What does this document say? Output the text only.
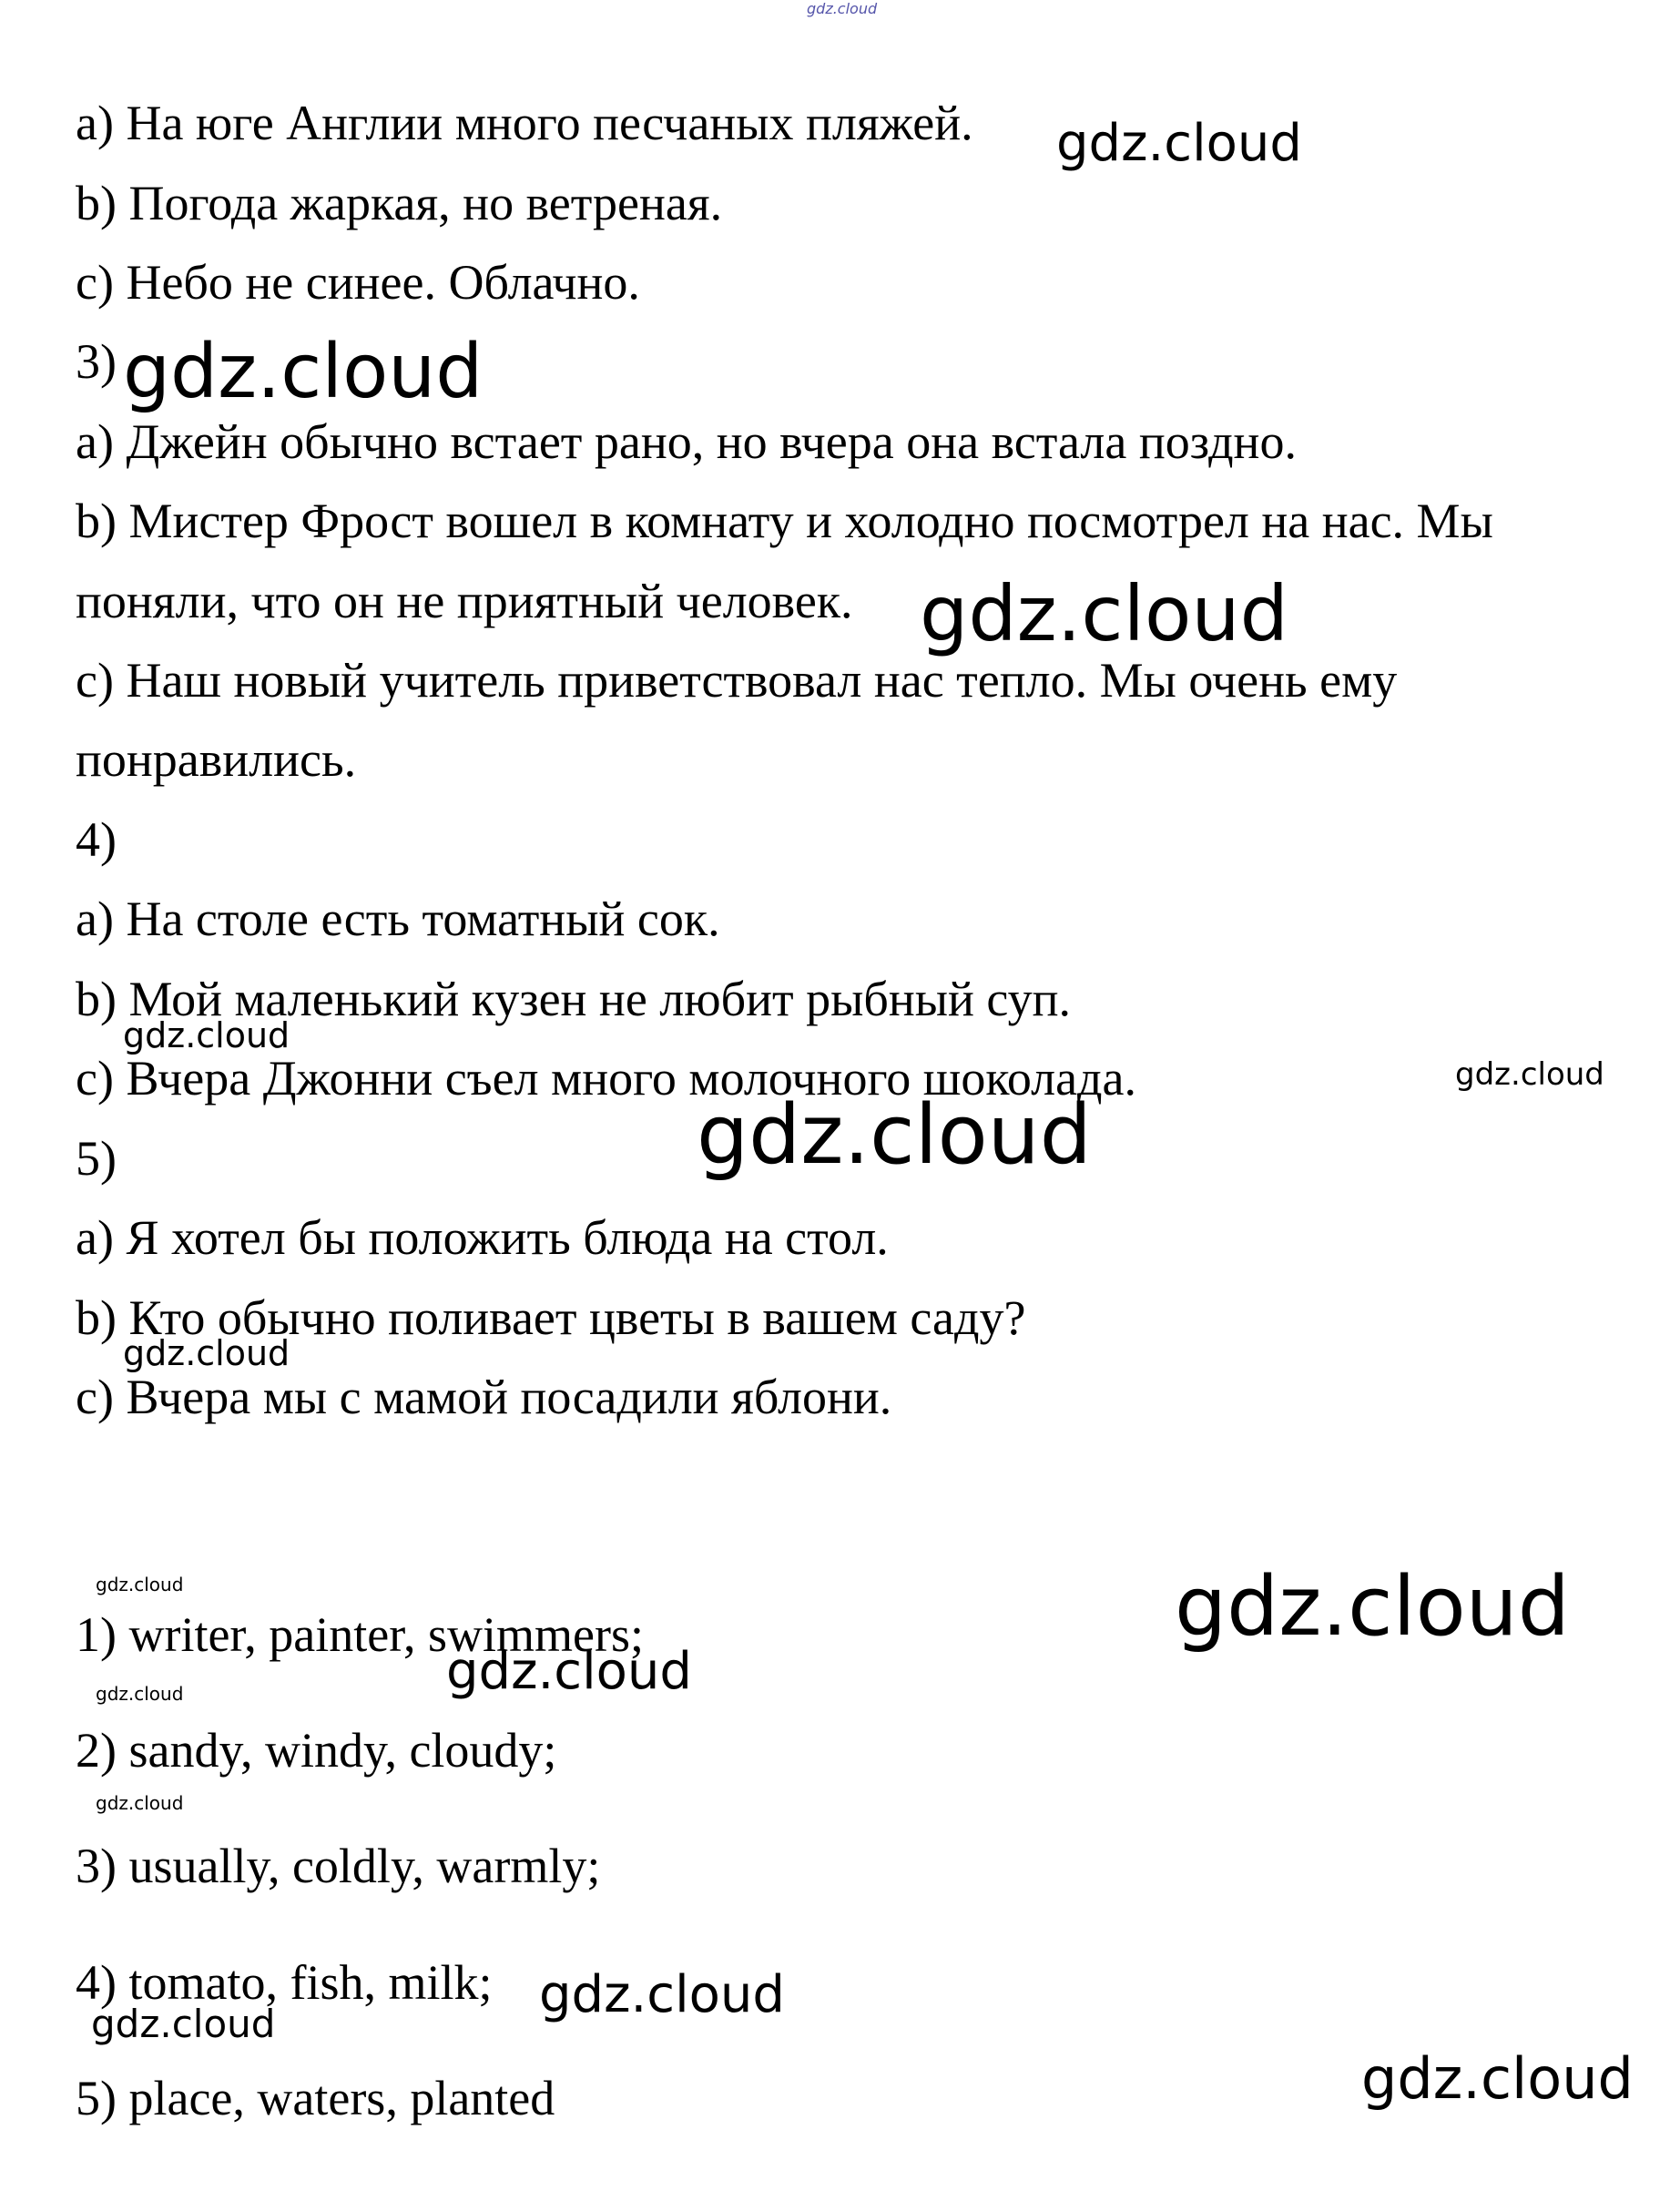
gdz.cloud
a) На юге Англии много песчаных пляжей.
b) Погода жаркая, но ветреная.
c) Небо не синее. Облачно.
3)
a) Джейн обычно встает рано, но вчера она встала поздно.
b) Мистер Фрост вошел в комнату и холодно посмотрел на нас. Мы
поняли, что он не приятный человек.
c) Наш новый учитель приветствовал нас тепло. Мы очень ему
понравились.
4)
a) На столе есть томатный сок.
b) Мой маленький кузен не любит рыбный суп.
c) Вчера Джонни съел много молочного шоколада.
5)
a) Я хотел бы положить блюда на стол.
b) Кто обычно поливает цветы в вашем саду?
c) Вчера мы с мамой посадили яблони.
1) writer, painter, swimmers;
2) sandy, windy, cloudy;
3) usually, coldly, warmly;
4) tomato, fish, milk;
5) place, waters, planted
gdz.cloud
gdz.cloud
gdz.cloud
gdz.cloud
gdz.cloud
gdz.cloud
gdz.cloud
gdz.cloud	gdz.cloud
gdz.cloud
gdz.cloud
gdz.cloud
gdz.cloud
gdz.cloud
gdz.cloud
